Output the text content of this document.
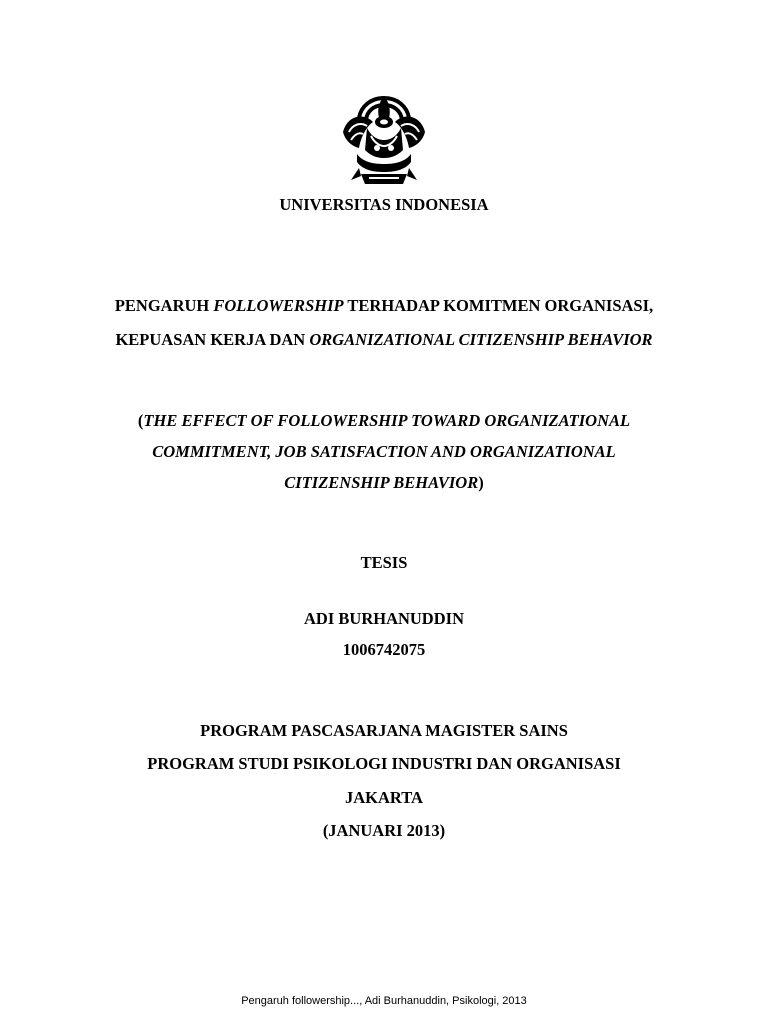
UNIVERSITAS INDONESIA
PENGARUH FOLLOWERSHIP TERHADAP KOMITMEN ORGANISASI,
KEPUASAN KERJA DAN ORGANIZATIONAL CITIZENSHIP BEHAVIOR
(THE EFFECT OF FOLLOWERSHIP TOWARD ORGANIZATIONAL
COMMITMENT, JOB SATISFACTION AND ORGANIZATIONAL
CITIZENSHIP BEHAVIOR)
TESIS
ADI BURHANUDDIN
1006742075
PROGRAM PASCASARJANA MAGISTER SAINS
PROGRAM STUDI PSIKOLOGI INDUSTRI DAN ORGANISASI
JAKARTA
(JANUARI 2013)
Pengaruh followership..., Adi Burhanuddin, Psikologi, 2013
